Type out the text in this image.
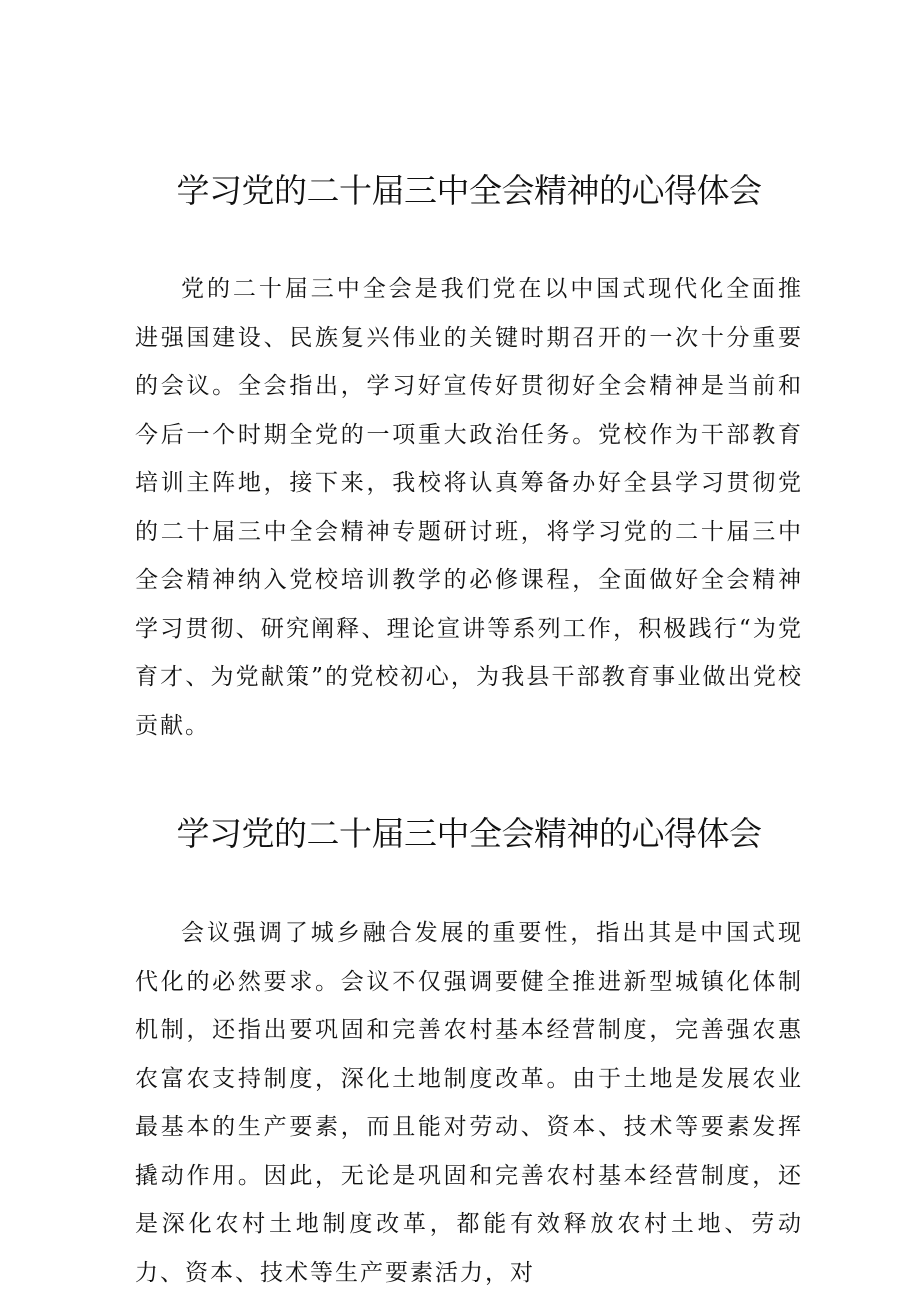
学习党的二十届三中全会精神的心得体会

党的二十届三中全会是我们党在以中国式现代化全面推进强国建设、民族复兴伟业的关键时期召开的一次十分重要的会议。全会指出，学习好宣传好贯彻好全会精神是当前和今后一个时期全党的一项重大政治任务。党校作为干部教育培训主阵地，接下来，我校将认真筹备办好全县学习贯彻党的二十届三中全会精神专题研讨班，将学习党的二十届三中全会精神纳入党校培训教学的必修课程，全面做好全会精神学习贯彻、研究阐释、理论宣讲等系列工作，积极践行“为党育才、为党献策”的党校初心，为我县干部教育事业做出党校贡献。

学习党的二十届三中全会精神的心得体会

会议强调了城乡融合发展的重要性，指出其是中国式现代化的必然要求。会议不仅强调要健全推进新型城镇化体制机制，还指出要巩固和完善农村基本经营制度，完善强农惠农富农支持制度，深化土地制度改革。由于土地是发展农业最基本的生产要素，而且能对劳动、资本、技术等要素发挥撬动作用。因此，无论是巩固和完善农村基本经营制度，还是深化农村土地制度改革，都能有效释放农村土地、劳动力、资本、技术等生产要素活力，对
